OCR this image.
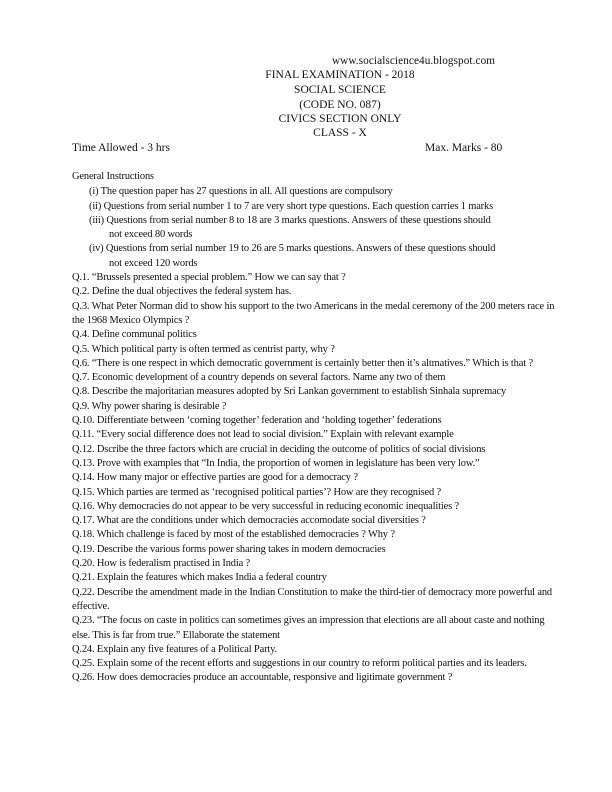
www.socialscience4u.blogspot.com
FINAL EXAMINATION - 2018
SOCIAL SCIENCE
(CODE NO. 087)
CIVICS SECTION ONLY
CLASS - X
Time Allowed - 3 hrs	Max. Marks - 80
General Instructions
(i) The question paper has 27 questions in all. All questions are compulsory
(ii) Questions from serial number 1 to 7 are very short type questions. Each question carries 1 marks
(iii) Questions from serial number 8 to 18 are 3 marks questions. Answers of these questions should
not exceed 80 words
(iv) Questions from serial number 19 to 26 are 5 marks questions. Answers of these questions should
not exceed 120 words
Q.1. “Brussels presented a special problem.” How we can say that ?
Q.2. Define the dual objectives the federal system has.
Q.3. What Peter Norman did to show his support to the two Americans in the medal ceremony of the 200 meters race in the 1968 Mexico Olympics ?
Q.4. Define communal politics
Q.5. Which political party is often termed as centrist party, why ?
Q.6. “There is one respect in which democratic government is certainly better then it’s altmatives.” Which is that ?
Q.7. Economic development of a country depends on several factors. Name any two of them
Q.8. Describe the majoritarian measures adopted by Sri Lankan government to establish Sinhala supremacy
Q.9. Why power sharing is desirable ?
Q.10. Differentiate between ‘coming together’ federation and ‘holding together’ federations
Q.11. “Every social difference does not lead to social division.” Explain with relevant example
Q.12. Dscribe the three factors which are crucial in deciding the outcome of politics of social divisions
Q.13. Prove with examples that “In India, the proportion of women in legislature has been very low.”
Q.14. How many major or effective parties are good for a democracy ?
Q.15. Which parties are termed as ‘recognised political parties’? How are they recognised ?
Q.16. Why democracies do not appear to be very successful in reducing economic inequalities ?
Q.17. What are the conditions under which democracies accomodate social diversities ?
Q.18. Which challenge is faced by most of the established democracies ? Why ?
Q.19. Describe the various forms power sharing takes in modern democracies
Q.20. How is federalism practised in India ?
Q.21. Explain the features which makes India a federal country
Q.22. Describe the amendment made in the Indian Constitution to make the third-tier of democracy more powerful and effective.
Q.23. “The focus on caste in politics can sometimes gives an impression that elections are all about caste and nothing else. This is far from true.” Ellaborate the statement
Q.24. Explain any five features of a Political Party.
Q.25. Explain some of the recent efforts and suggestions in our country to reform political parties and its leaders.
Q.26. How does democracies produce an accountable, responsive and ligitimate government ?
